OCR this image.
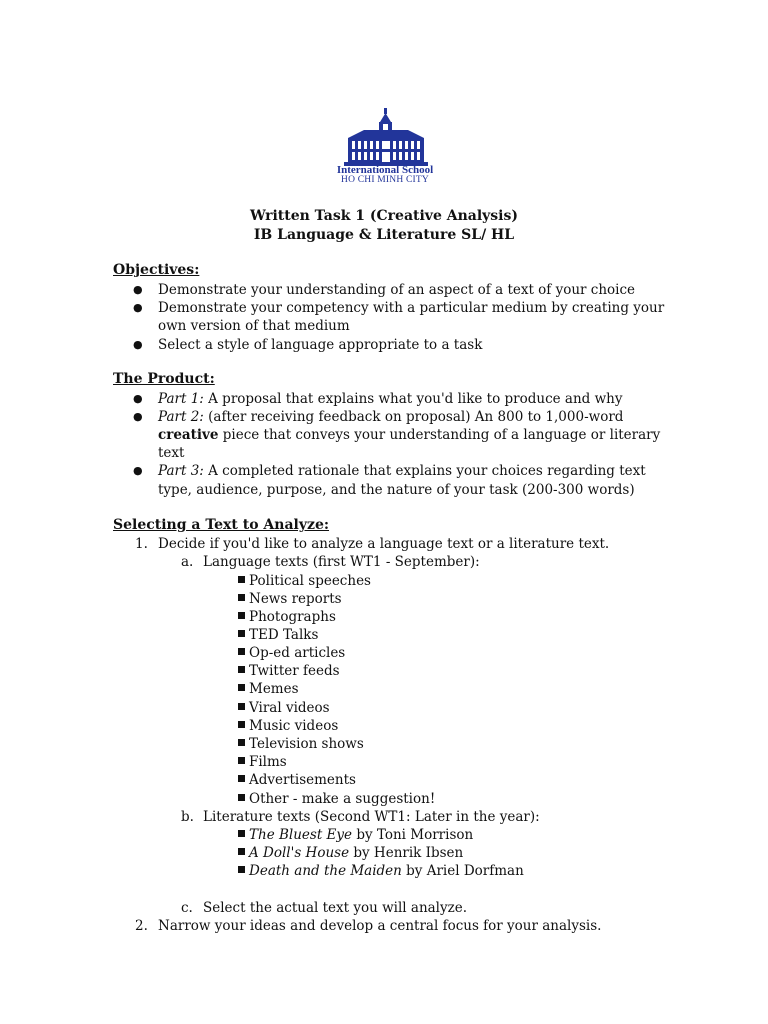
International School
HO CHI MINH CITY
Written Task 1 (Creative Analysis)
IB Language & Literature SL/ HL
Objectives:
● Demonstrate your understanding of an aspect of a text of your choice
● Demonstrate your competency with a particular medium by creating your
own version of that medium
● Select a style of language appropriate to a task
The Product:
● Part 1: A proposal that explains what you'd like to produce and why
● Part 2: (after receiving feedback on proposal) An 800 to 1,000-word
creative piece that conveys your understanding of a language or literary
text
● Part 3: A completed rationale that explains your choices regarding text
type, audience, purpose, and the nature of your task (200-300 words)
Selecting a Text to Analyze:
1. Decide if you'd like to analyze a language text or a literature text.
a. Language texts (first WT1 - September):
Political speeches
News reports
Photographs
TED Talks
Op-ed articles
Twitter feeds
Memes
Viral videos
Music videos
Television shows
Films
Advertisements
Other - make a suggestion!
b. Literature texts (Second WT1: Later in the year):
The Bluest Eye by Toni Morrison
A Doll's House by Henrik Ibsen
Death and the Maiden by Ariel Dorfman
c. Select the actual text you will analyze.
2. Narrow your ideas and develop a central focus for your analysis.
